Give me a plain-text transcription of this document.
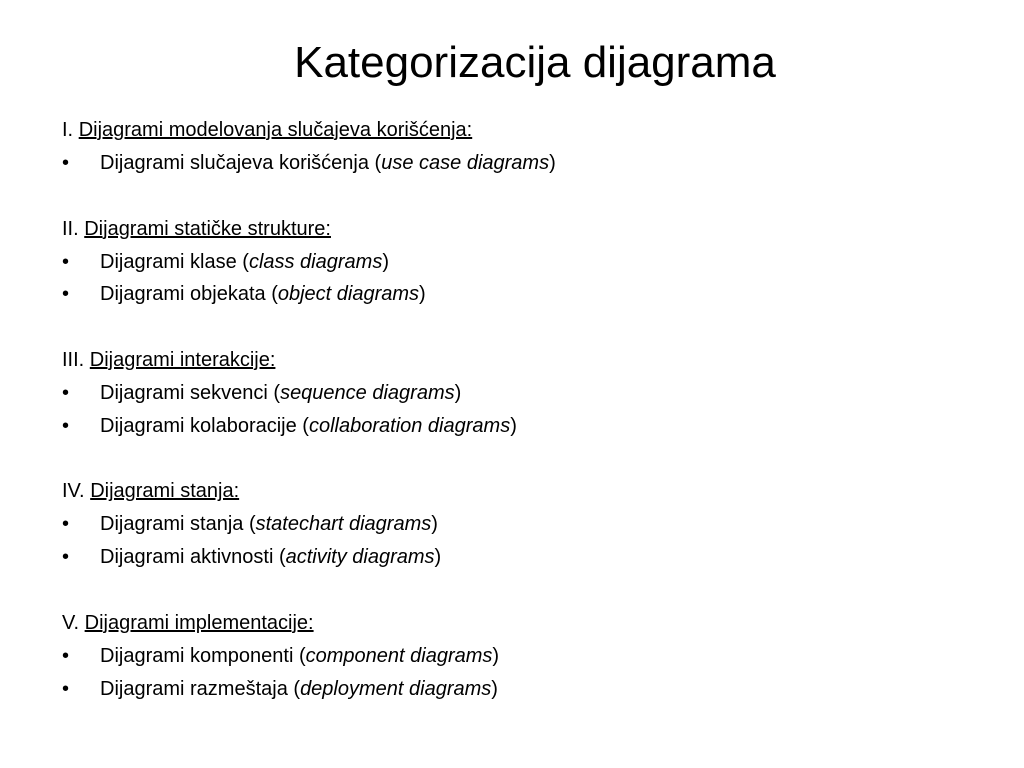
Kategorizacija dijagrama
I. Dijagrami modelovanja slučajeva korišćenja:
•	Dijagrami slučajeva korišćenja (use case diagrams)
II. Dijagrami statičke strukture:
•	Dijagrami klase (class diagrams)
•	Dijagrami objekata (object diagrams)
III. Dijagrami interakcije:
•	Dijagrami sekvenci (sequence diagrams)
•	Dijagrami kolaboracije (collaboration diagrams)
IV. Dijagrami stanja:
•	Dijagrami stanja (statechart diagrams)
•	Dijagrami aktivnosti (activity diagrams)
V. Dijagrami implementacije:
•	Dijagrami komponenti (component diagrams)
•	Dijagrami razmeštaja (deployment diagrams)
